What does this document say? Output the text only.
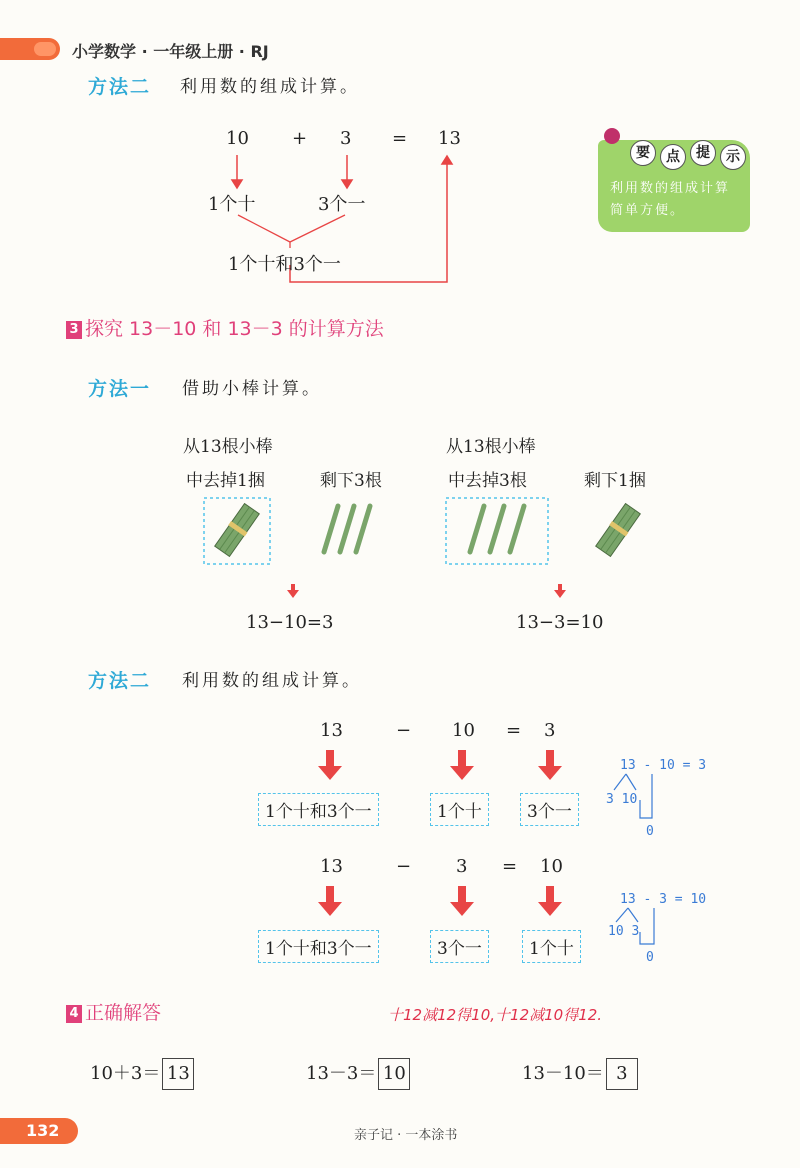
小学数学 · 一年级上册 · RJ
方法二 利用数的组成计算。
10 + 3 = 13
1个十	3个一
1个十和3个一
要	点	提	示
利用数的组成计算简单方便。
3 探究 13－10 和 13－3 的计算方法
方法一 借助小棒计算。
从13根小棒
中去掉1捆	剩下3根
从13根小棒
中去掉3根	剩下1捆
13−10=3	13−3=10
方法二 利用数的组成计算。
13	− 10 = 3
1个十和3个一	1个十	3个一
13 - 10 = 3
3 10
0
13	− 3 = 10
1个十和3个一	3个一	1个十
13 - 3 = 10
10 3
0
4 正确解答	十12减12得10,十12减10得12.
10＋3＝ 13	13－3＝ 10	13－10＝ 3
132	亲子记 · 一本涂书
